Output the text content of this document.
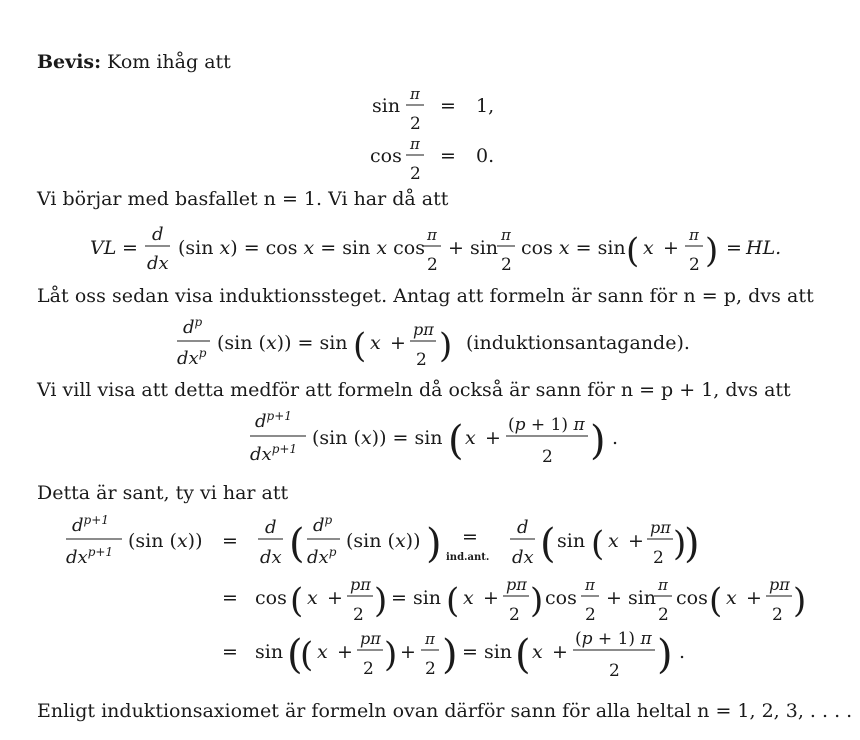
Bevis: Kom ihåg att
Vi börjar med basfallet n = 1. Vi har då att
Låt oss sedan visa induktionssteget. Antag att formeln är sann för n = p, dvs att
Vi vill visa att detta medför att formeln då också är sann för n = p + 1, dvs att
Detta är sant, ty vi har att
Enligt induktionsaxiomet är formeln ovan därför sann för alla heltal n = 1, 2, 3, . . . .
sin
π
2
= 1,
cos
π
2
= 0.
VL =
d
dx
(sin x) = cos x = sin x cos
π
2
+ sin
π
2
cos x = sin ( x +
π
2 ) = HL.
$d^p$
$dx^p$ (sin (x)) = sin ( x +
pπ
2 ) (induktionsantagande).
$d^{p+1}$
$dx^{p+1}$ (sin (x)) = sin ( x +
(p + 1) π
2 ) .
$d^{p+1}$
$dx^{p+1}$ (sin (x)) =
d
dx ( $d^p$
$dx^p$ (sin (x)) ) =
ind.ant.
d
dx ( sin ( x +
pπ
2 )
)
= cos ( x +
pπ
2 ) = sin ( x +
pπ
2 ) cos
π
2
+ sin
π
2
cos ( x +
pπ
2 )
= sin (
( x +
pπ
2 ) +
π
2 ) = sin ( x +
(p + 1) π
2 ) .
